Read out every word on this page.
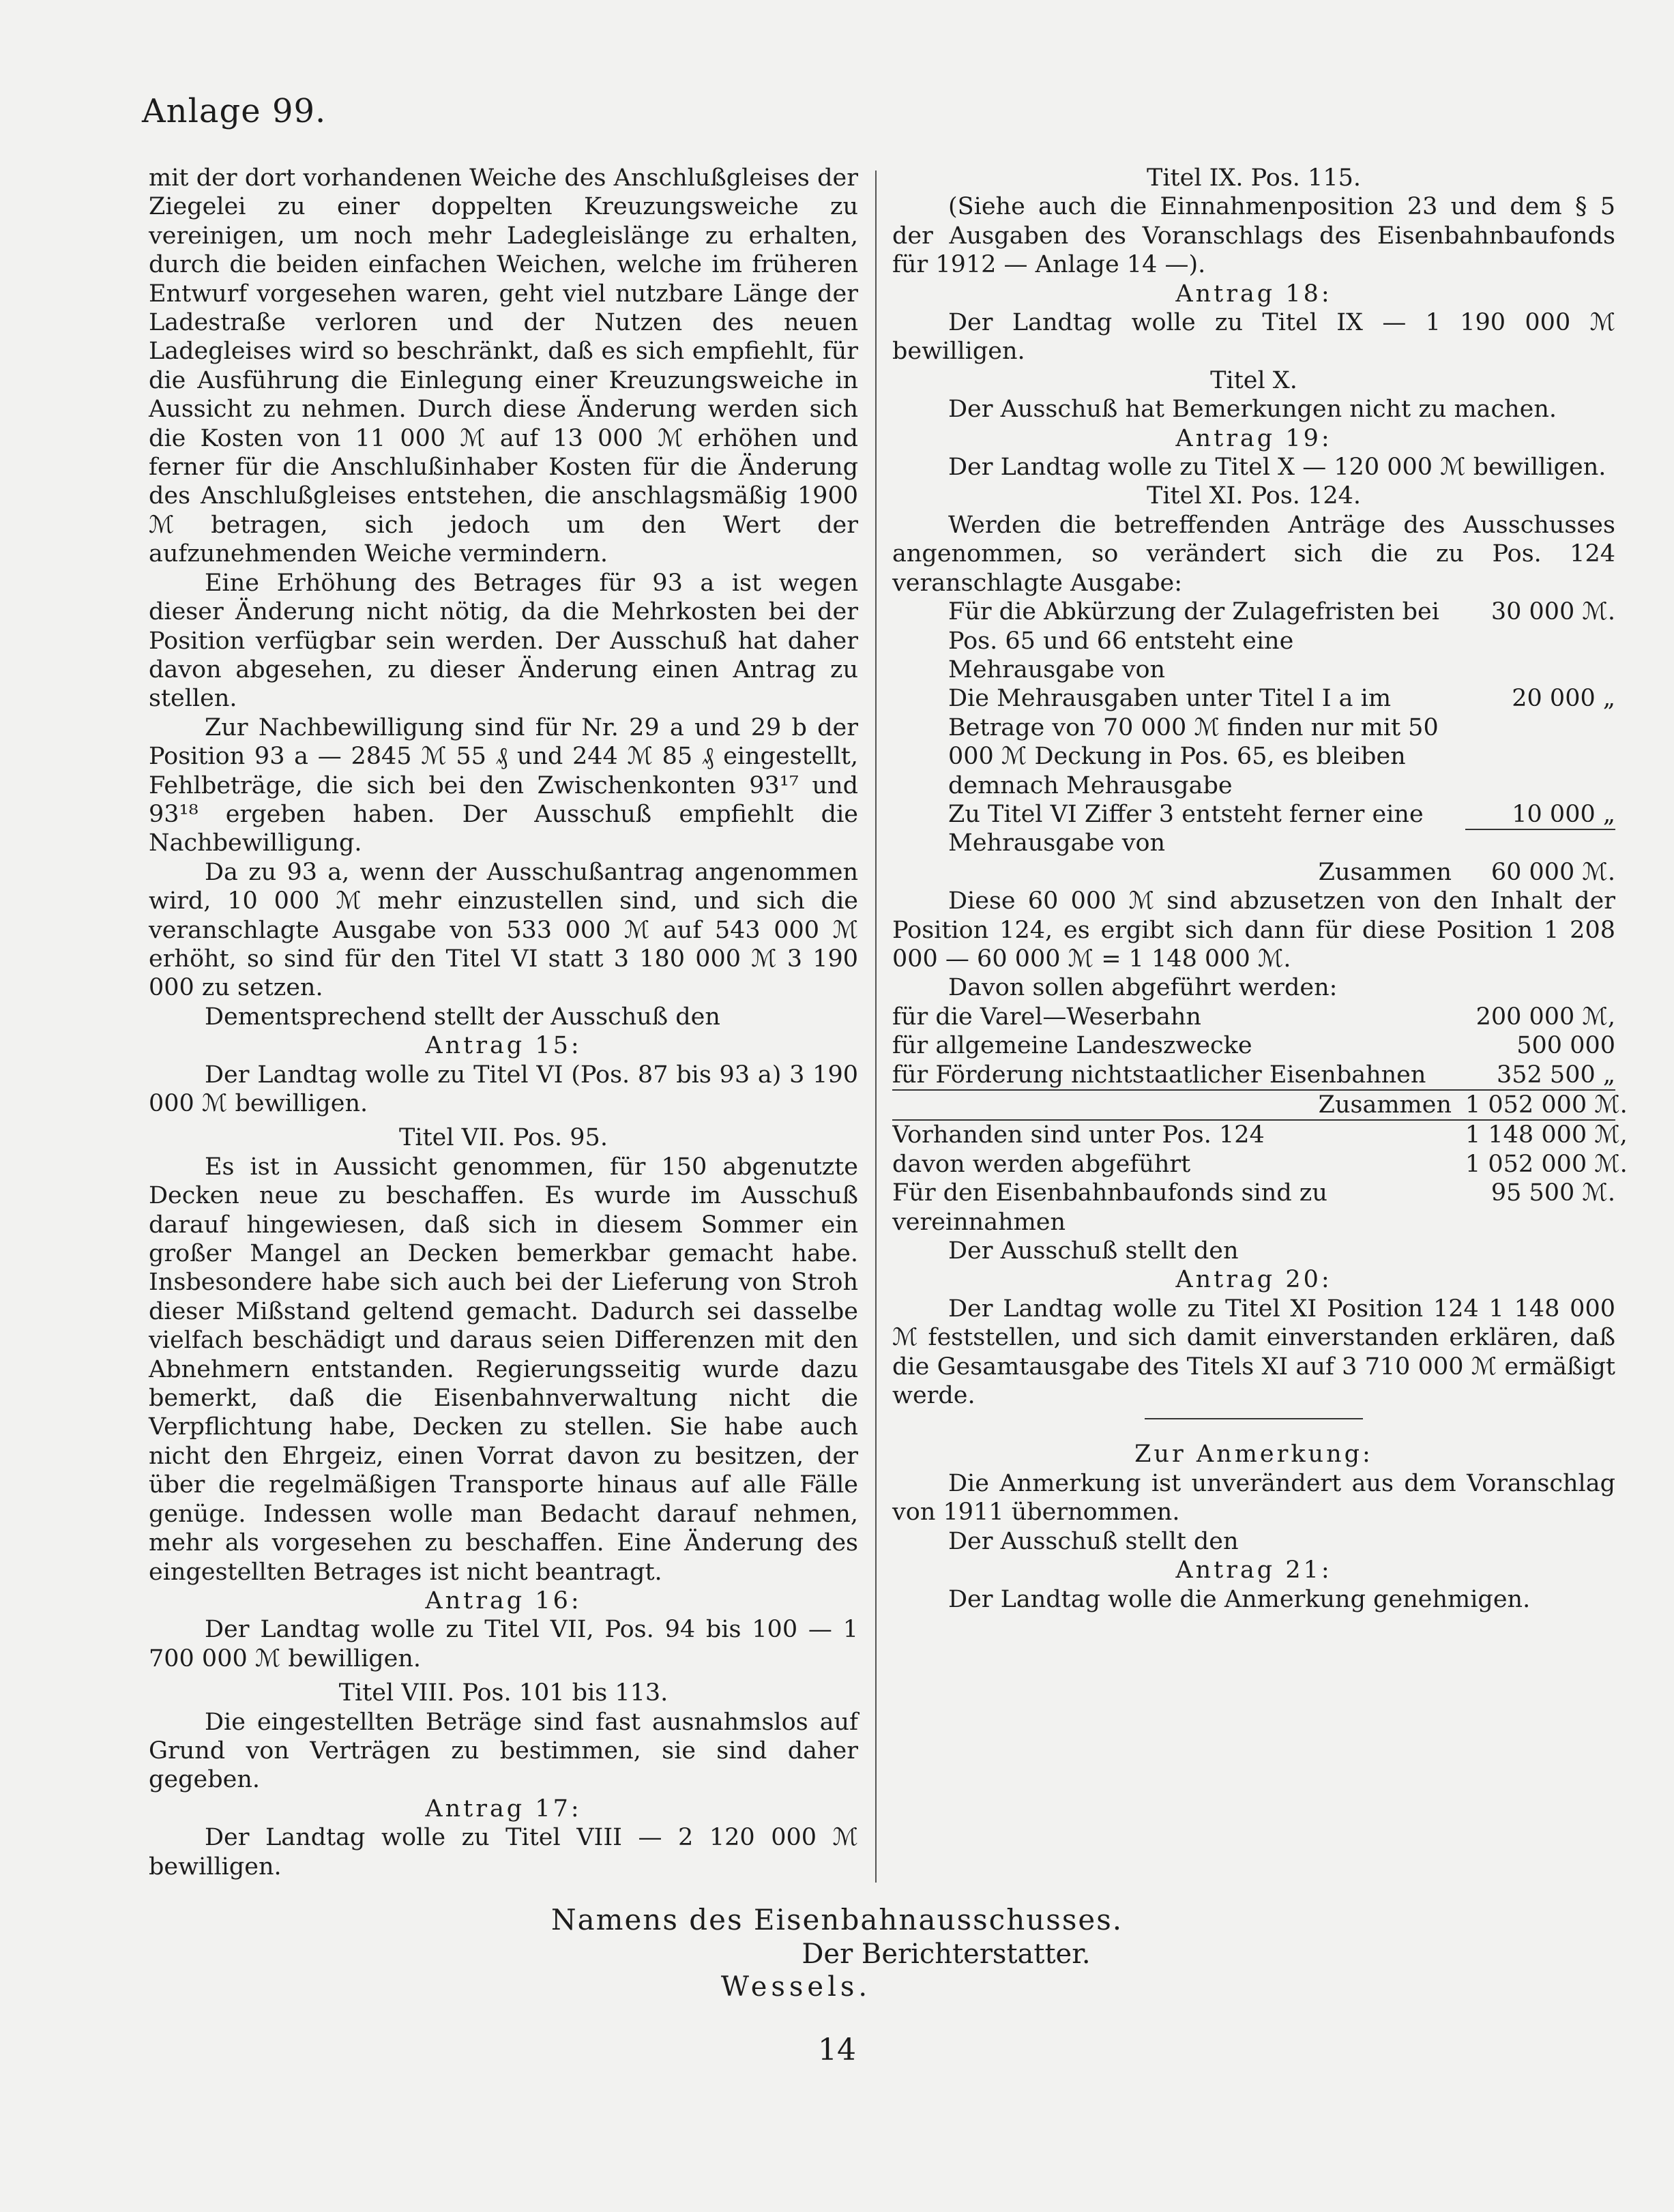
Anlage 99.

mit der dort vorhandenen Weiche des Anschlußgleises der Ziegelei zu einer doppelten Kreuzungsweiche zu vereinigen, um noch mehr Ladegleislänge zu erhalten, durch die beiden einfachen Weichen, welche im früheren Entwurf vorgesehen waren, geht viel nutzbare Länge der Ladestraße verloren und der Nutzen des neuen Ladegleises wird so beschränkt, daß es sich empfiehlt, für die Ausführung die Einlegung einer Kreuzungsweiche in Aussicht zu nehmen. Durch diese Änderung werden sich die Kosten von 11 000 ℳ auf 13 000 ℳ erhöhen und ferner für die Anschlußinhaber Kosten für die Änderung des Anschlußgleises entstehen, die anschlagsmäßig 1900 ℳ betragen, sich jedoch um den Wert der aufzunehmenden Weiche vermindern.

Eine Erhöhung des Betrages für 93 a ist wegen dieser Änderung nicht nötig, da die Mehrkosten bei der Position verfügbar sein werden. Der Ausschuß hat daher davon abgesehen, zu dieser Änderung einen Antrag zu stellen.

Zur Nachbewilligung sind für Nr. 29 a und 29 b der Position 93 a — 2845 ℳ 55 ₰ und 244 ℳ 85 ₰ eingestellt, Fehlbeträge, die sich bei den Zwischenkonten 93¹⁷ und 93¹⁸ ergeben haben. Der Ausschuß empfiehlt die Nachbewilligung.

Da zu 93 a, wenn der Ausschußantrag angenommen wird, 10 000 ℳ mehr einzustellen sind, und sich die veranschlagte Ausgabe von 533 000 ℳ auf 543 000 ℳ erhöht, so sind für den Titel VI statt 3 180 000 ℳ 3 190 000 zu setzen.

Dementsprechend stellt der Ausschuß den

Antrag 15:

Der Landtag wolle zu Titel VI (Pos. 87 bis 93 a) 3 190 000 ℳ bewilligen.

Titel VII. Pos. 95.

Es ist in Aussicht genommen, für 150 abgenutzte Decken neue zu beschaffen. Es wurde im Ausschuß darauf hingewiesen, daß sich in diesem Sommer ein großer Mangel an Decken bemerkbar gemacht habe. Insbesondere habe sich auch bei der Lieferung von Stroh dieser Mißstand geltend gemacht. Dadurch sei dasselbe vielfach beschädigt und daraus seien Differenzen mit den Abnehmern entstanden. Regierungsseitig wurde dazu bemerkt, daß die Eisenbahnverwaltung nicht die Verpflichtung habe, Decken zu stellen. Sie habe auch nicht den Ehrgeiz, einen Vorrat davon zu besitzen, der über die regelmäßigen Transporte hinaus auf alle Fälle genüge. Indessen wolle man Bedacht darauf nehmen, mehr als vorgesehen zu beschaffen. Eine Änderung des eingestellten Betrages ist nicht beantragt.

Antrag 16:

Der Landtag wolle zu Titel VII, Pos. 94 bis 100 — 1 700 000 ℳ bewilligen.

Titel VIII. Pos. 101 bis 113.

Die eingestellten Beträge sind fast ausnahmslos auf Grund von Verträgen zu bestimmen, sie sind daher gegeben.

Antrag 17:

Der Landtag wolle zu Titel VIII — 2 120 000 ℳ bewilligen.

Titel IX. Pos. 115.

(Siehe auch die Einnahmenposition 23 und dem § 5 der Ausgaben des Voranschlags des Eisenbahnbaufonds für 1912 — Anlage 14 —).

Antrag 18:

Der Landtag wolle zu Titel IX — 1 190 000 ℳ bewilligen.

Titel X.

Der Ausschuß hat Bemerkungen nicht zu machen.

Antrag 19:

Der Landtag wolle zu Titel X — 120 000 ℳ bewilligen.

Titel XI. Pos. 124.

Werden die betreffenden Anträge des Ausschusses angenommen, so verändert sich die zu Pos. 124 veranschlagte Ausgabe:

Für die Abkürzung der Zulagefristen bei Pos. 65 und 66 entsteht eine Mehrausgabe von
30 000 ℳ.
Die Mehrausgaben unter Titel I a im Betrage von 70 000 ℳ finden nur mit 50 000 ℳ Deckung in Pos. 65, es bleiben demnach Mehrausgabe
20 000 „
Zu Titel VI Ziffer 3 entsteht ferner eine Mehrausgabe von
10 000 „
Zusammen	60 000 ℳ.

Diese 60 000 ℳ sind abzusetzen von den Inhalt der Position 124, es ergibt sich dann für diese Position 1 208 000 — 60 000 ℳ = 1 148 000 ℳ.

Davon sollen abgeführt werden:

für die Varel—Weserbahn	200 000 ℳ,
für allgemeine Landeszwecke	500 000
für Förderung nichtstaatlicher Eisenbahnen	352 500 „
Zusammen 1 052 000 ℳ.
Vorhanden sind unter Pos. 124	1 148 000 ℳ,
davon werden abgeführt	1 052 000 ℳ.
Für den Eisenbahnbaufonds sind zu vereinnahmen
95 500 ℳ.

Der Ausschuß stellt den

Antrag 20:

Der Landtag wolle zu Titel XI Position 124 1 148 000 ℳ feststellen, und sich damit einverstanden erklären, daß die Gesamtausgabe des Titels XI auf 3 710 000 ℳ ermäßigt werde.

Zur Anmerkung:

Die Anmerkung ist unverändert aus dem Voranschlag von 1911 übernommen.

Der Ausschuß stellt den

Antrag 21:

Der Landtag wolle die Anmerkung genehmigen.

Namens des Eisenbahnausschusses.
Der Berichterstatter.
Wessels.
14
